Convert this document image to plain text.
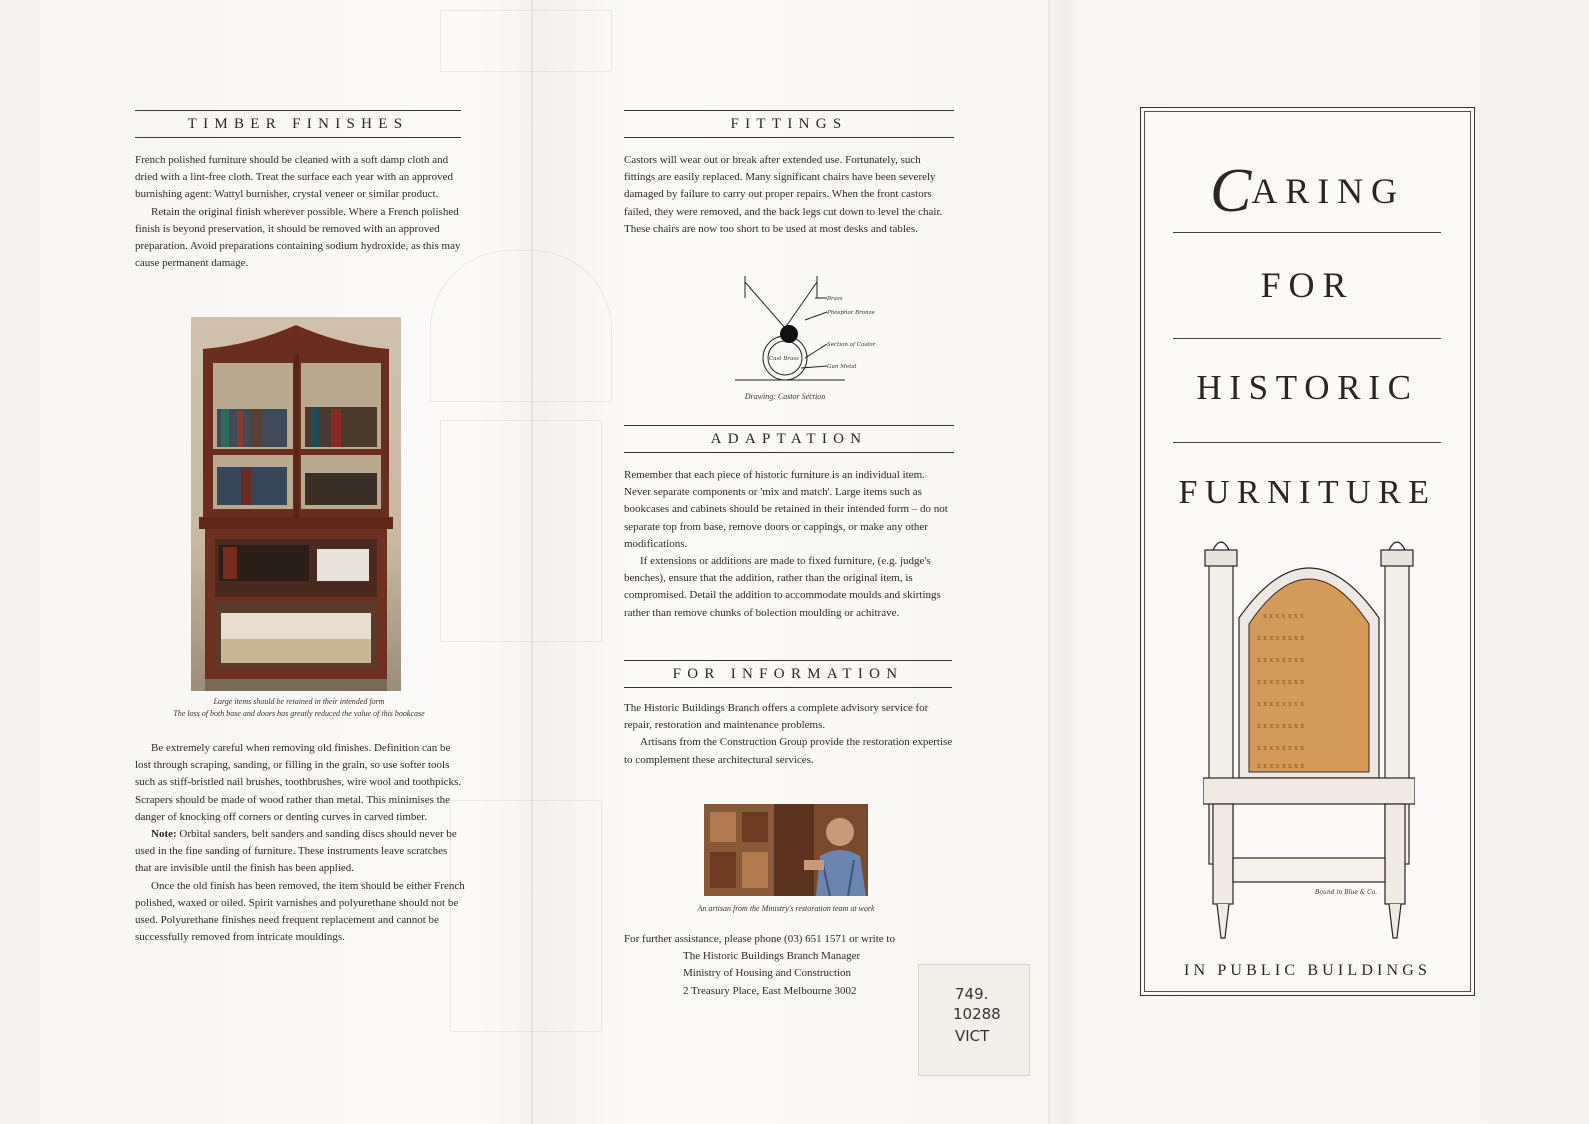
TIMBER FINISHES

French polished furniture should be cleaned with a soft damp cloth and dried with a lint-free cloth. Treat the surface each year with an approved burnishing agent: Wattyl burnisher, crystal veneer or similar product.

Retain the original finish wherever possible. Where a French polished finish is beyond preservation, it should be removed with an approved preparation. Avoid preparations containing sodium hydroxide, as this may cause permanent damage.

Large items should be retained in their intended form
The loss of both base and doors has greatly reduced the value of this bookcase

Be extremely careful when removing old finishes. Definition can be lost through scraping, sanding, or filling in the grain, so use softer tools such as stiff-bristled nail brushes, toothbrushes, wire wool and toothpicks. Scrapers should be made of wood rather than metal. This minimises the danger of knocking off corners or denting curves in carved timber.

Note: Orbital sanders, belt sanders and sanding discs should never be used in the fine sanding of furniture. These instruments leave scratches that are invisible until the finish has been applied.

Once the old finish has been removed, the item should be either French polished, waxed or oiled. Spirit varnishes and polyurethane should not be used. Polyurethane finishes need frequent replacement and cannot be successfully removed from intricate mouldings.

FITTINGS
Castors will wear out or break after extended use. Fortunately, such fittings are easily replaced. Many significant chairs have been severely damaged by failure to carry out proper repairs. When the front castors failed, they were removed, and the back legs cut down to level the chair. These chairs are now too short to be used at most desks and tables.
Brass
Phosphor Bronze
Section of Castor
Cast Brass
Gun Metal
Drawing: Castor Section
ADAPTATION

Remember that each piece of historic furniture is an individual item. Never separate components or 'mix and match'. Large items such as bookcases and cabinets should be retained in their intended form – do not separate top from base, remove doors or cappings, or make any other modifications.

If extensions or additions are made to fixed furniture, (e.g. judge's benches), ensure that the addition, rather than the original item, is compromised. Detail the addition to accommodate moulds and skirtings rather than remove chunks of bolection moulding or achitrave.

FOR INFORMATION

The Historic Buildings Branch offers a complete advisory service for repair, restoration and maintenance problems.

Artisans from the Construction Group provide the restoration expertise to complement these architectural services.

An artisan from the Ministry's restoration team at work
For further assistance, please phone (03) 651 1571 or write to
The Historic Buildings Branch Manager
Ministry of Housing and Construction
2 Treasury Place, East Melbourne 3002	749.
10288
VICT
CARING
FOR
HISTORIC
FURNITURE
x x x x x x x
x x x x x x x x
x x x x x x x x
x x x x x x x x
x x x x x x x x
x x x x x x x x
x x x x x x x x
x x x x x x x x
Bound in Blue & Co.
IN PUBLIC BUILDINGS
